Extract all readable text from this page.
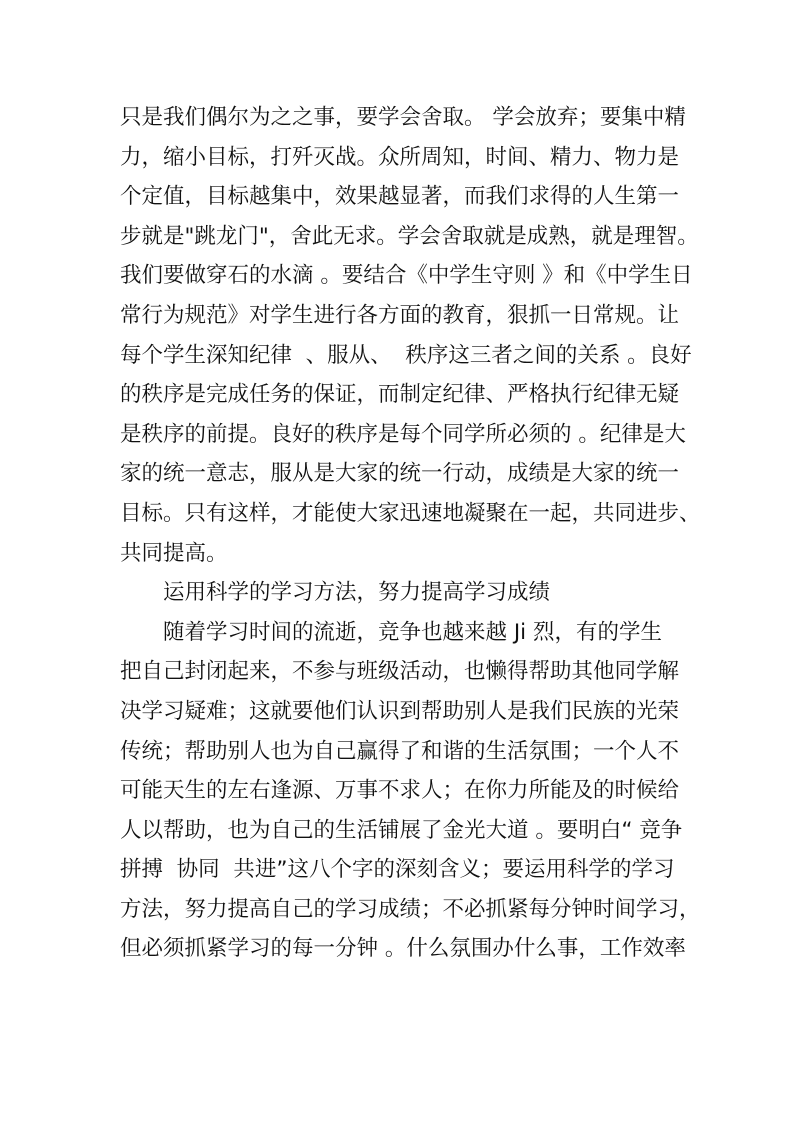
只是我们偶尔为之之事，要学会舍取。 学会放弃；要集中精
力，缩小目标，打歼灭战。众所周知，时间、精力、物力是
个定值，目标越集中，效果越显著，而我们求得的人生第一
步就是"跳龙门"，舍此无求。学会舍取就是成熟，就是理智。
我们要做穿石的水滴 。要结合《中学生守则 》和《中学生日
常行为规范》对学生进行各方面的教育，狠抓一日常规。让
每个学生深知纪律  、服从、  秩序这三者之间的关系 。良好
的秩序是完成任务的保证，而制定纪律、严格执行纪律无疑
是秩序的前提。良好的秩序是每个同学所必须的 。纪律是大
家的统一意志，服从是大家的统一行动，成绩是大家的统一
目标。只有这样，才能使大家迅速地凝聚在一起，共同进步、
共同提高。
运用科学的学习方法，努力提高学习成绩
随着学习时间的流逝，竞争也越来越 Ji 烈，有的学生
把自己封闭起来，不参与班级活动，也懒得帮助其他同学解
决学习疑难；这就要他们认识到帮助别人是我们民族的光荣
传统；帮助别人也为自己赢得了和谐的生活氛围；一个人不
可能天生的左右逢源、万事不求人；在你力所能及的时候给
人以帮助，也为自己的生活铺展了金光大道 。要明白“ 竞争
拼搏  协同  共进”这八个字的深刻含义；要运用科学的学习
方法，努力提高自己的学习成绩；不必抓紧每分钟时间学习，
但必须抓紧学习的每一分钟 。什么氛围办什么事，工作效率
